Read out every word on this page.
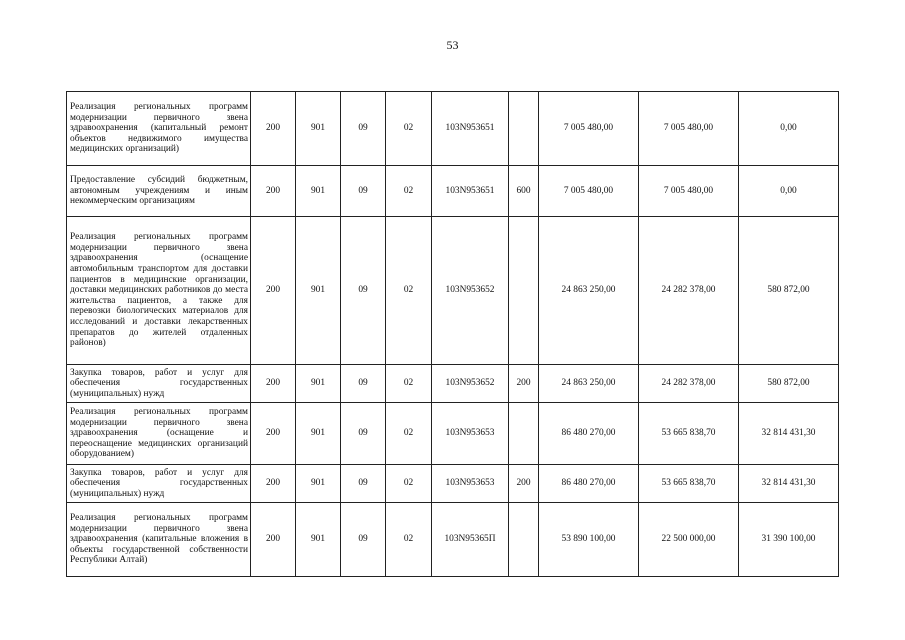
53
Реализация региональных программ модернизации первичного звена здравоохранения (капитальный ремонт объектов недвижимого имущества медицинских организаций)	200	901	09	02	103N953651		7 005 480,00	7 005 480,00	0,00
Предоставление субсидий бюджетным, автономным учреждениям и иным некоммерческим организациям	200	901	09	02	103N953651	600	7 005 480,00	7 005 480,00	0,00
Реализация региональных программ модернизации первичного звена здравоохранения (оснащение автомобильным транспортом для доставки пациентов в медицинские организации, доставки медицинских работников до места жительства пациентов, а также для перевозки биологических материалов для исследований и доставки лекарственных препаратов до жителей отдаленных районов)	200	901	09	02	103N953652		24 863 250,00	24 282 378,00	580 872,00
Закупка товаров, работ и услуг для обеспечения государственных (муниципальных) нужд	200	901	09	02	103N953652	200	24 863 250,00	24 282 378,00	580 872,00
Реализация региональных программ модернизации первичного звена здравоохранения (оснащение и переоснащение медицинских организаций оборудованием)	200	901	09	02	103N953653		86 480 270,00	53 665 838,70	32 814 431,30
Закупка товаров, работ и услуг для обеспечения государственных (муниципальных) нужд	200	901	09	02	103N953653	200	86 480 270,00	53 665 838,70	32 814 431,30
Реализация региональных программ модернизации первичного звена здравоохранения (капитальные вложения в объекты государственной собственности Республики Алтай)	200	901	09	02	103N95365П		53 890 100,00	22 500 000,00	31 390 100,00
